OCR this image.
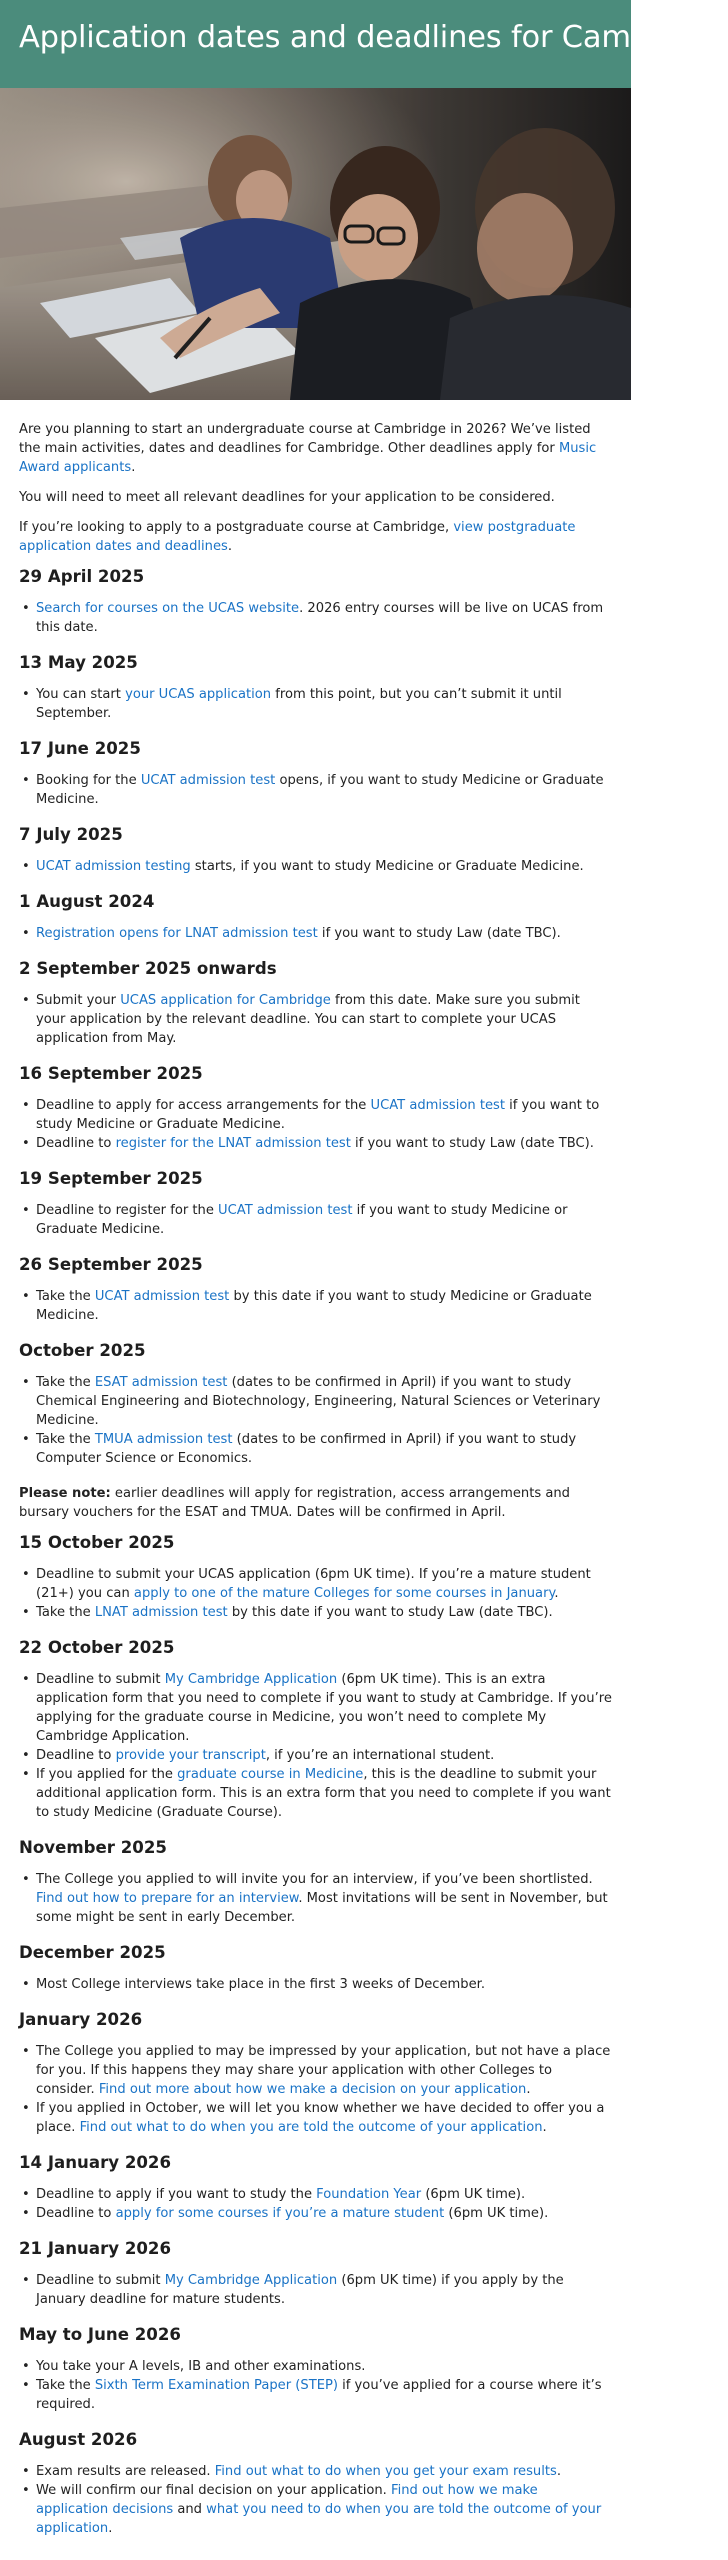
Application dates and deadlines for Cambridge

Are you planning to start an undergraduate course at Cambridge in 2026? We’ve listed the main activities, dates and deadlines for Cambridge. Other deadlines apply for Music Award applicants.

You will need to meet all relevant deadlines for your application to be considered.

If you’re looking to apply to a postgraduate course at Cambridge, view postgraduate application dates and deadlines.

29 April 2025
• Search for courses on the UCAS website. 2026 entry courses will be live on UCAS from this date.
13 May 2025
• You can start your UCAS application from this point, but you can’t submit it until September.
17 June 2025
• Booking for the UCAT admission test opens, if you want to study Medicine or Graduate Medicine.
7 July 2025
• UCAT admission testing starts, if you want to study Medicine or Graduate Medicine.
1 August 2024
• Registration opens for LNAT admission test if you want to study Law (date TBC).
2 September 2025 onwards
• Submit your UCAS application for Cambridge from this date. Make sure you submit your application by the relevant deadline. You can start to complete your UCAS application from May.
16 September 2025
• Deadline to apply for access arrangements for the UCAT admission test if you want to study Medicine or Graduate Medicine.
• Deadline to register for the LNAT admission test if you want to study Law (date TBC).
19 September 2025
• Deadline to register for the UCAT admission test if you want to study Medicine or Graduate Medicine.
26 September 2025
• Take the UCAT admission test by this date if you want to study Medicine or Graduate Medicine.
October 2025
• Take the ESAT admission test (dates to be confirmed in April) if you want to study Chemical Engineering and Biotechnology, Engineering, Natural Sciences or Veterinary Medicine.
• Take the TMUA admission test (dates to be confirmed in April) if you want to study Computer Science or Economics.

Please note: earlier deadlines will apply for registration, access arrangements and bursary vouchers for the ESAT and TMUA. Dates will be confirmed in April.

15 October 2025
• Deadline to submit your UCAS application (6pm UK time). If you’re a mature student (21+) you can apply to one of the mature Colleges for some courses in January.
• Take the LNAT admission test by this date if you want to study Law (date TBC).
22 October 2025
• Deadline to submit My Cambridge Application (6pm UK time). This is an extra application form that you need to complete if you want to study at Cambridge. If you’re applying for the graduate course in Medicine, you won’t need to complete My Cambridge Application.
• Deadline to provide your transcript, if you’re an international student.
• If you applied for the graduate course in Medicine, this is the deadline to submit your additional application form. This is an extra form that you need to complete if you want to study Medicine (Graduate Course).
November 2025
• The College you applied to will invite you for an interview, if you’ve been shortlisted. Find out how to prepare for an interview. Most invitations will be sent in November, but some might be sent in early December.
December 2025
• Most College interviews take place in the first 3 weeks of December.
January 2026
• The College you applied to may be impressed by your application, but not have a place for you. If this happens they may share your application with other Colleges to consider. Find out more about how we make a decision on your application.
• If you applied in October, we will let you know whether we have decided to offer you a place. Find out what to do when you are told the outcome of your application.
14 January 2026
• Deadline to apply if you want to study the Foundation Year (6pm UK time).
• Deadline to apply for some courses if you’re a mature student (6pm UK time).
21 January 2026
• Deadline to submit My Cambridge Application (6pm UK time) if you apply by the January deadline for mature students.
May to June 2026
• You take your A levels, IB and other examinations.
• Take the Sixth Term Examination Paper (STEP) if you’ve applied for a course where it’s required.
August 2026
• Exam results are released. Find out what to do when you get your exam results.
• We will confirm our final decision on your application. Find out how we make application decisions and what you need to do when you are told the outcome of your application.
